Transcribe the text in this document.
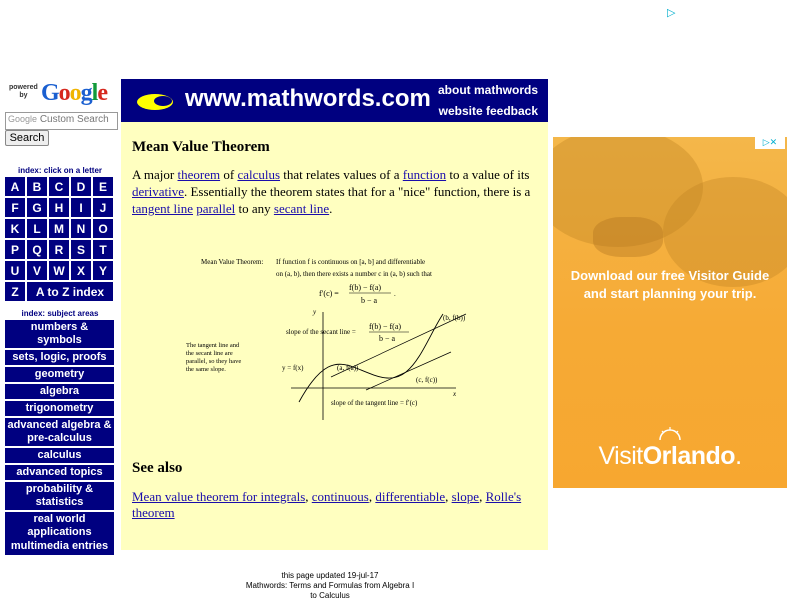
▷
powered
by Google
Google Custom Search
Search
index: click on a letter
A	B	C	D	E
F	G	H	I	J
K	L	M	N	O
P	Q	R	S	T
U	V	W	X	Y
Z	A to Z index
index: subject areas
numbers & symbols
sets, logic, proofs
geometry
algebra
trigonometry
advanced algebra & pre-calculus
calculus
advanced topics
probability & statistics
real world applications
multimedia entries
www.mathwords.com about mathwords
website feedback
Mean Value Theorem

A major theorem of calculus that relates values of a function to a value of its derivative. Essentially the theorem states that for a "nice" function, there is a tangent line parallel to any secant line.

Mean Value Theorem: If function f is continuous on [a, b] and differentiable
on (a, b), then there exists a number c in (a, b) such that
f′(c) =
f(b) − f(a)
b − a
.
y
x
slope of the secant line =
f(b) − f(a)
b − a
(b, f(b))
(a, f(a))
(c, f(c))
y = f(x)
slope of the tangent line = f′(c)
The tangent line and
the secant line are
parallel, so they have
the same slope.
See also

Mean value theorem for integrals, continuous, differentiable, slope, Rolle's theorem

this page updated 19-jul-17
Mathwords: Terms and Formulas from Algebra I
to Calculus
▷✕
Download our free Visitor Guide
and start planning your trip.
VisitOrlando.
